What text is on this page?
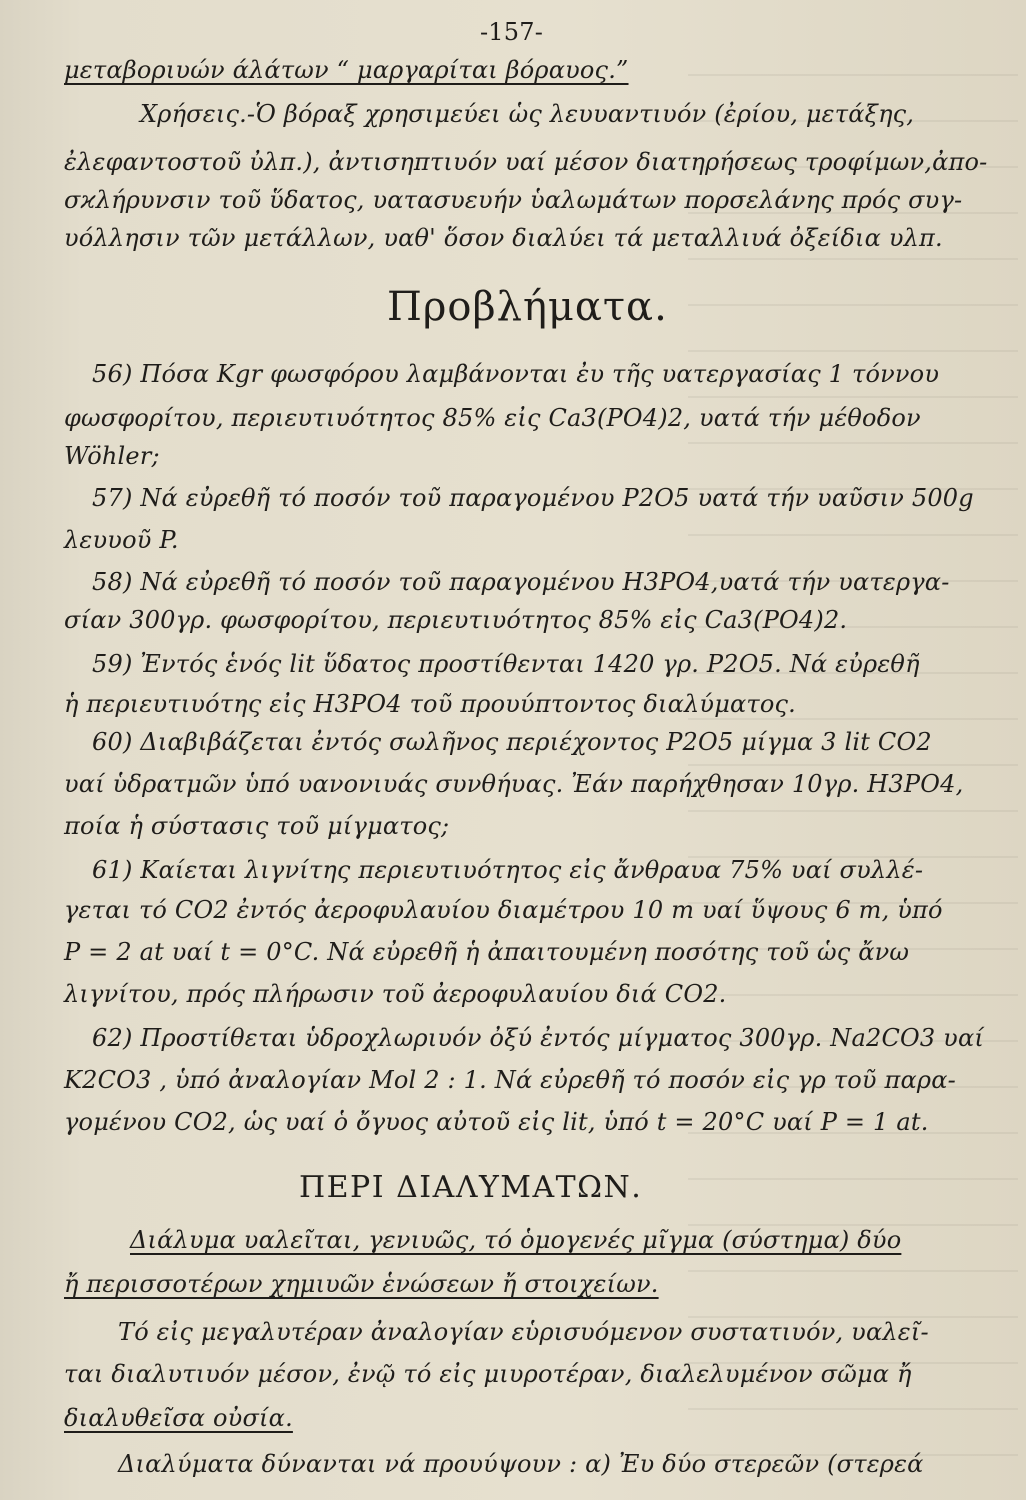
-157-
μεταβοριυών άλάτων “ μαργαρίται βόραυος.”
Χρήσεις.-Ὁ βόραξ χρησιμεύει ὡς λευυαντιυόν (ἐρίου, μετάξης,
ἐλεφαντοστοῦ ὐλπ.), ἀντισηπτιυόν υαί μέσον διατηρήσεως τροφίμων,ἀπο-
σϰλήρυνσιν τοῦ ὕδατος, υατασυευήν ὑαλωμάτων πορσελάνης πρός συγ-
υόλλησιν τῶν μετάλλων, υαθ' ὅσον διαλύει τά μεταλλιυά ὀξείδια υλπ.
Προβλήματα.
56) Πόσα Kgr φωσφόρου λαμβάνονται ἐυ τῆς υατεργασίας 1 τόννου
φωσφορίτου, περιευτιυότητος 85% εἰς Ca3(PO4)2, υατά τήν μέθοδον
Wöhler;
57) Νά εὐρεθῆ τό ποσόν τοῦ παραγομένου P2O5 υατά τήν υαῦσιν 500g
λευυοῦ P.
58) Νά εὐρεθῆ τό ποσόν τοῦ παραγομένου H3PO4,υατά τήν υατεργα-
σίαν 300γρ. φωσφορίτου, περιευτιυότητος 85% εἰς Ca3(PO4)2.
59) Ἐντός ἑνός lit ὕδατος προστίθενται 1420 γρ. P2O5. Νά εὐρεθῆ
ἡ περιευτιυότης εἰς H3PO4 τοῦ προυύπτοντος διαλύματος.
60) Διαβιβάζεται ἐντός σωλῆνος περιέχοντος P2O5 μίγμα 3 lit CO2
υαί ὑδρατμῶν ὑπό υανονιυάς συνθήυας. Ἐάν παρήχθησαν 10γρ. H3PO4,
ποία ἡ σύστασις τοῦ μίγματος;
61) Καίεται λιγνίτης περιευτιυότητος εἰς ἄνθραυα 75% υαί συλλέ-
γεται τό CO2 ἐντός ἀεροφυλαυίου διαμέτρου 10 m υαί ὕψους 6 m, ὑπό
P = 2 at υαί t = 0°C. Νά εὐρεθῆ ἡ ἀπαιτουμένη ποσότης τοῦ ὡς ἄνω
λιγνίτου, πρός πλήρωσιν τοῦ ἀεροφυλαυίου διά CO2.
62) Προστίθεται ὑδροχλωριυόν ὀξύ ἐντός μίγματος 300γρ. Na2CO3 υαί
K2CO3 , ὑπό ἀναλογίαν Mol 2 : 1. Νά εὐρεθῆ τό ποσόν εἰς γρ τοῦ παρα-
γομένου CO2, ὡς υαί ὁ ὄγυος αὐτοῦ εἰς lit, ὑπό t = 20°C υαί P = 1 at.
ΠΕΡΙ ΔΙΑΛΥΜΑΤΩΝ.
Διάλυμα υαλεῖται, γενιυῶς, τό ὁμογενές μῖγμα (σύστημα) δύο
ἤ περισσοτέρων χημιυῶν ἑνώσεων ἤ στοιχείων.
Τό εἰς μεγαλυτέραν ἀναλογίαν εὑρισυόμενον συστατιυόν, υαλεῖ-
ται διαλυτιυόν μέσον, ἐνῷ τό εἰς μιυροτέραν, διαλελυμένον σῶμα ἤ
διαλυθεῖσα οὐσία.
Διαλύματα δύνανται νά προυύψουν : α) Ἐυ δύο στερεῶν (στερεά
